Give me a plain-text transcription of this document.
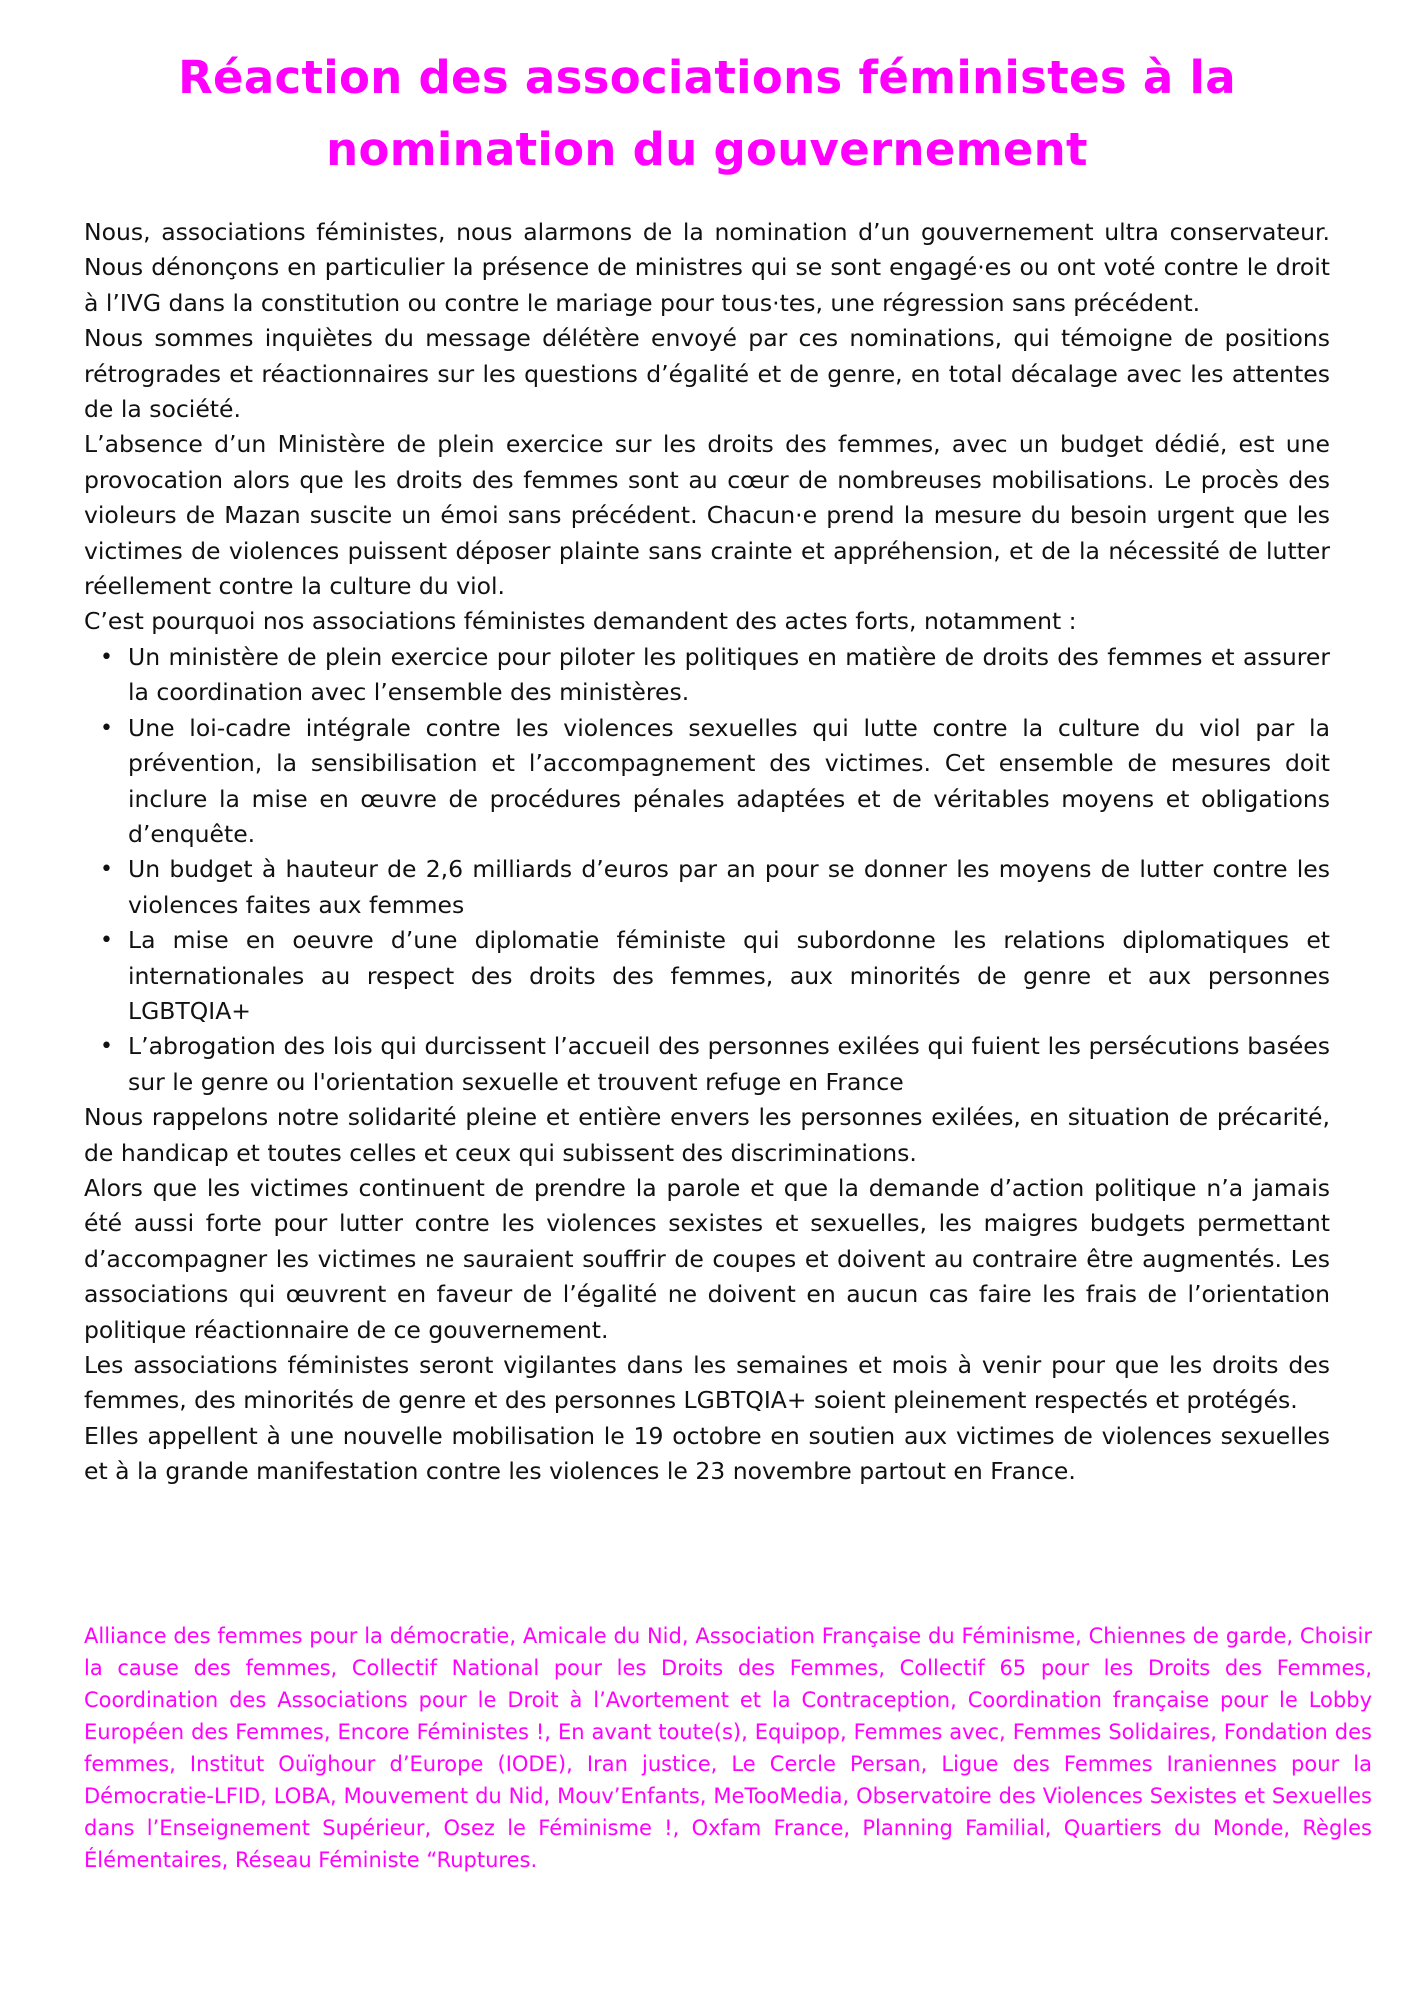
Réaction des associations féministes à la nomination du gouvernement

Nous, associations féministes, nous alarmons de la nomination d’un gouvernement ultra conservateur. Nous dénonçons en particulier la présence de ministres qui se sont engagé·es ou ont voté contre le droit à l’IVG dans la constitution ou contre le mariage pour tous·tes, une régression sans précédent.

Nous sommes inquiètes du message délétère envoyé par ces nominations, qui témoigne de positions rétrogrades et réactionnaires sur les questions d’égalité et de genre, en total décalage avec les attentes de la société.

L’absence d’un Ministère de plein exercice sur les droits des femmes, avec un budget dédié, est une provocation alors que les droits des femmes sont au cœur de nombreuses mobilisations. Le procès des violeurs de Mazan suscite un émoi sans précédent. Chacun·e prend la mesure du besoin urgent que les victimes de violences puissent déposer plainte sans crainte et appréhension, et de la nécessité de lutter réellement contre la culture du viol.

C’est pourquoi nos associations féministes demandent des actes forts, notamment :

• Un ministère de plein exercice pour piloter les politiques en matière de droits des femmes et assurer la coordination avec l’ensemble des ministères.
• Une loi-cadre intégrale contre les violences sexuelles qui lutte contre la culture du viol par la prévention, la sensibilisation et l’accompagnement des victimes. Cet ensemble de mesures doit inclure la mise en œuvre de procédures pénales adaptées et de véritables moyens et obligations d’enquête.
• Un budget à hauteur de 2,6 milliards d’euros par an pour se donner les moyens de lutter contre les violences faites aux femmes
• La mise en oeuvre d’une diplomatie féministe qui subordonne les relations diplomatiques et internationales au respect des droits des femmes, aux minorités de genre et aux personnes LGBTQIA+
• L’abrogation des lois qui durcissent l’accueil des personnes exilées qui fuient les persécutions basées sur le genre ou l'orientation sexuelle et trouvent refuge en France

Nous rappelons notre solidarité pleine et entière envers les personnes exilées, en situation de précarité, de handicap et toutes celles et ceux qui subissent des discriminations.

Alors que les victimes continuent de prendre la parole et que la demande d’action politique n’a jamais été aussi forte pour lutter contre les violences sexistes et sexuelles, les maigres budgets permettant d’accompagner les victimes ne sauraient souffrir de coupes et doivent au contraire être augmentés. Les associations qui œuvrent en faveur de l’égalité ne doivent en aucun cas faire les frais de l’orientation politique réactionnaire de ce gouvernement.

Les associations féministes seront vigilantes dans les semaines et mois à venir pour que les droits des femmes, des minorités de genre et des personnes LGBTQIA+ soient pleinement respectés et protégés.

Elles appellent à une nouvelle mobilisation le 19 octobre en soutien aux victimes de violences sexuelles et à la grande manifestation contre les violences le 23 novembre partout en France.

Alliance des femmes pour la démocratie, Amicale du Nid, Association Française du Féminisme, Chiennes de garde, Choisir la cause des femmes, Collectif National pour les Droits des Femmes, Collectif 65 pour les Droits des Femmes, Coordination des Associations pour le Droit à l’Avortement et la Contraception, Coordination française pour le Lobby Européen des Femmes, Encore Féministes !, En avant toute(s), Equipop, Femmes avec, Femmes Solidaires, Fondation des femmes, Institut Ouïghour d’Europe (IODE), Iran justice, Le Cercle Persan, Ligue des Femmes Iraniennes pour la Démocratie-LFID, LOBA, Mouvement du Nid, Mouv’Enfants, MeTooMedia, Observatoire des Violences Sexistes et Sexuelles dans l’Enseignement Supérieur, Osez le Féminisme !, Oxfam France, Planning Familial, Quartiers du Monde, Règles Élémentaires, Réseau Féministe “Ruptures.
